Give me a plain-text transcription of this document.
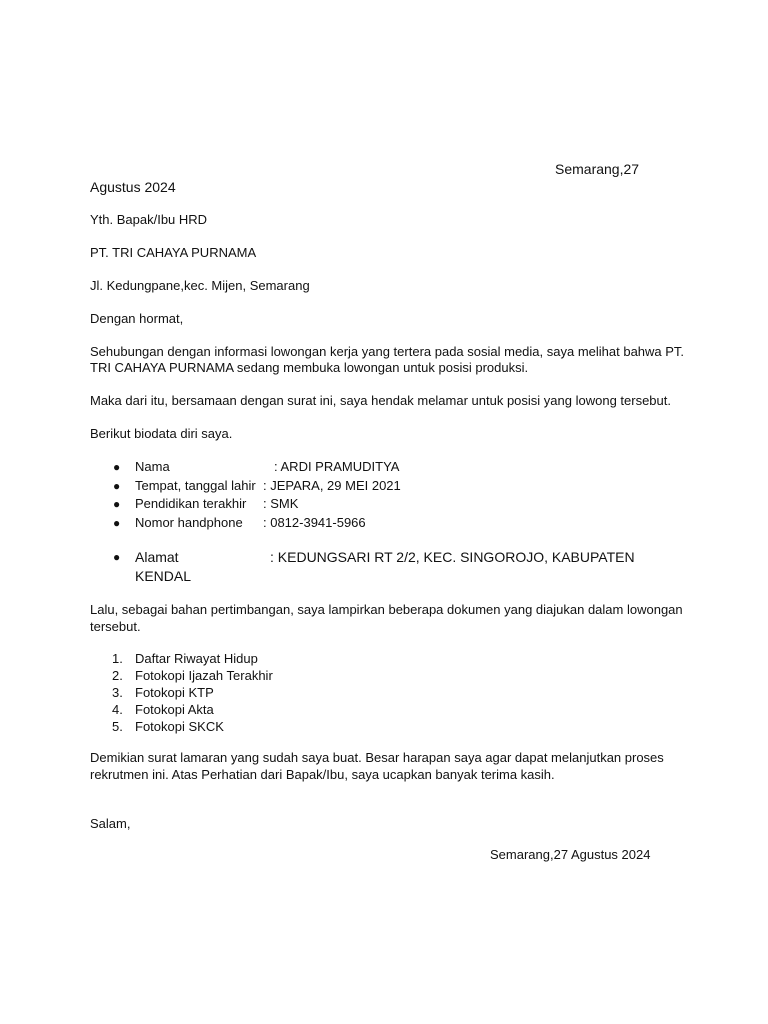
Semarang,27
Agustus 2024
Yth. Bapak/Ibu HRD
PT. TRI CAHAYA PURNAMA
Jl. Kedungpane,kec. Mijen, Semarang
Dengan hormat,
Sehubungan dengan informasi lowongan kerja yang tertera pada sosial media, saya melihat bahwa PT.
TRI CAHAYA PURNAMA sedang membuka lowongan untuk posisi produksi.
Maka dari itu, bersamaan dengan surat ini, saya hendak melamar untuk posisi yang lowong tersebut.
Berikut biodata diri saya.
● Nama	: ARDI PRAMUDITYA
● Tempat, tanggal lahir : JEPARA, 29 MEI 2021
● Pendidikan terakhir : SMK
● Nomor handphone : 0812-3941-5966
● Alamat	: KEDUNGSARI RT 2/2, KEC. SINGOROJO, KABUPATEN
KENDAL
Lalu, sebagai bahan pertimbangan, saya lampirkan beberapa dokumen yang diajukan dalam lowongan
tersebut.
1. Daftar Riwayat Hidup
2. Fotokopi Ijazah Terakhir
3. Fotokopi KTP
4. Fotokopi Akta
5. Fotokopi SKCK
Demikian surat lamaran yang sudah saya buat. Besar harapan saya agar dapat melanjutkan proses
rekrutmen ini. Atas Perhatian dari Bapak/Ibu, saya ucapkan banyak terima kasih.
Salam,
Semarang,27 Agustus 2024
